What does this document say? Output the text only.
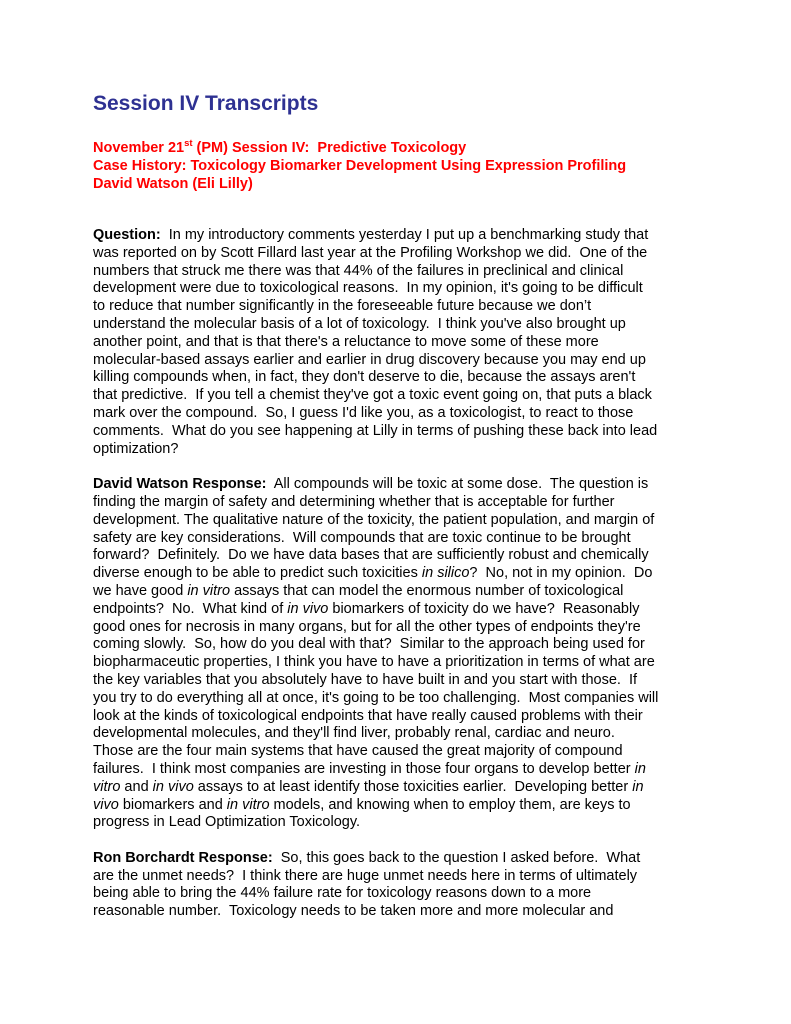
Session IV Transcripts
November 21st (PM) Session IV:  Predictive Toxicology
Case History: Toxicology Biomarker Development Using Expression Profiling
David Watson (Eli Lilly)

Question:  In my introductory comments yesterday I put up a benchmarking study that
was reported on by Scott Fillard last year at the Profiling Workshop we did.  One of the
numbers that struck me there was that 44% of the failures in preclinical and clinical
development were due to toxicological reasons.  In my opinion, it's going to be difficult
to reduce that number significantly in the foreseeable future because we don’t
understand the molecular basis of a lot of toxicology.  I think you've also brought up
another point, and that is that there's a reluctance to move some of these more
molecular-based assays earlier and earlier in drug discovery because you may end up
killing compounds when, in fact, they don't deserve to die, because the assays aren't
that predictive.  If you tell a chemist they've got a toxic event going on, that puts a black
mark over the compound.  So, I guess I'd like you, as a toxicologist, to react to those
comments.  What do you see happening at Lilly in terms of pushing these back into lead
optimization?

David Watson Response:  All compounds will be toxic at some dose.  The question is
finding the margin of safety and determining whether that is acceptable for further
development. The qualitative nature of the toxicity, the patient population, and margin of
safety are key considerations.  Will compounds that are toxic continue to be brought
forward?  Definitely.  Do we have data bases that are sufficiently robust and chemically
diverse enough to be able to predict such toxicities in silico?  No, not in my opinion.  Do
we have good in vitro assays that can model the enormous number of toxicological
endpoints?  No.  What kind of in vivo biomarkers of toxicity do we have?  Reasonably
good ones for necrosis in many organs, but for all the other types of endpoints they're
coming slowly.  So, how do you deal with that?  Similar to the approach being used for
biopharmaceutic properties, I think you have to have a prioritization in terms of what are
the key variables that you absolutely have to have built in and you start with those.  If
you try to do everything all at once, it's going to be too challenging.  Most companies will
look at the kinds of toxicological endpoints that have really caused problems with their
developmental molecules, and they'll find liver, probably renal, cardiac and neuro.
Those are the four main systems that have caused the great majority of compound
failures.  I think most companies are investing in those four organs to develop better in
vitro and in vivo assays to at least identify those toxicities earlier.  Developing better in
vivo biomarkers and in vitro models, and knowing when to employ them, are keys to
progress in Lead Optimization Toxicology.

Ron Borchardt Response:  So, this goes back to the question I asked before.  What
are the unmet needs?  I think there are huge unmet needs here in terms of ultimately
being able to bring the 44% failure rate for toxicology reasons down to a more
reasonable number.  Toxicology needs to be taken more and more molecular and
